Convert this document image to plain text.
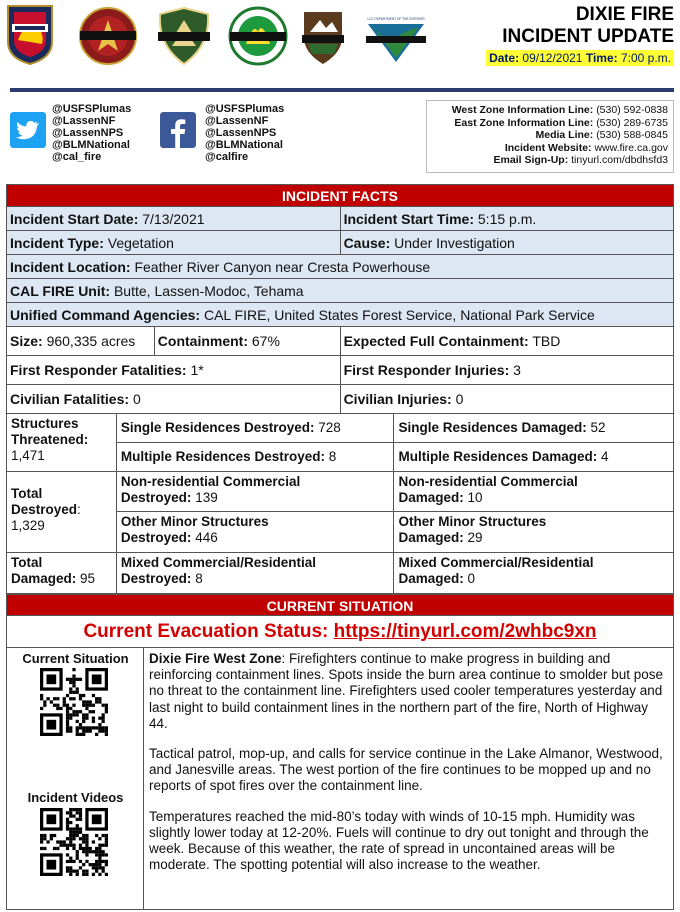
U.S. DEPARTMENT OF THE INTERIOR	DIXIE FIRE
INCIDENT UPDATE
Date: 09/12/2021 Time: 7:00 p.m.
@USFSPlumas
@LassenNF
@LassenNPS
@BLMNational
@cal_fire
@USFSPlumas
@LassenNF
@LassenNPS
@BLMNational
@calfire
West Zone Information Line: (530) 592-0838
East Zone Information Line: (530) 289-6735
Media Line: (530) 588-0845
Incident Website: www.fire.ca.gov
Email Sign-Up: tinyurl.com/dbdhsfd3
INCIDENT FACTS		
Incident Start Date: 7/13/2021		Incident Start Time: 5:15 p.m.
Incident Type: Vegetation		Cause: Under Investigation
Incident Location: Feather River Canyon near Cresta Powerhouse		
CAL FIRE Unit: Butte, Lassen-Modoc, Tehama		
Unified Command Agencies: CAL FIRE, United States Forest Service, National Park Service		
Size: 960,335 acres	Containment: 67%	Expected Full Containment: TBD
First Responder Fatalities: 1*		First Responder Injuries: 3
Civilian Fatalities: 0		Civilian Injuries: 0
Structures
Threatened:
1,471	Single Residences Destroyed: 728	Single Residences Damaged: 52
	Multiple Residences Destroyed: 8	Multiple Residences Damaged: 4
Total
Destroyed:
1,329	Non-residential Commercial
Destroyed: 139	Non-residential Commercial
Damaged: 10
	Other Minor Structures
Destroyed: 446	Other Minor Structures
Damaged: 29
Total
Damaged: 95	Mixed Commercial/Residential
Destroyed: 8	Mixed Commercial/Residential
Damaged: 0
CURRENT SITUATION
Current Evacuation Status: https://tinyurl.com/2whbc9xn
Current Situation
Incident Videos

Dixie Fire West Zone: Firefighters continue to make progress in building and reinforcing containment lines. Spots inside the burn area continue to smolder but pose no threat to the containment line. Firefighters used cooler temperatures yesterday and last night to build containment lines in the northern part of the fire, North of Highway 44.

Tactical patrol, mop-up, and calls for service continue in the Lake Almanor, Westwood, and Janesville areas. The west portion of the fire continues to be mopped up and no reports of spot fires over the containment line.

Temperatures reached the mid-80’s today with winds of 10-15 mph. Humidity was slightly lower today at 12-20%. Fuels will continue to dry out tonight and through the week. Because of this weather, the rate of spread in uncontained areas will be moderate. The spotting potential will also increase to the weather.
